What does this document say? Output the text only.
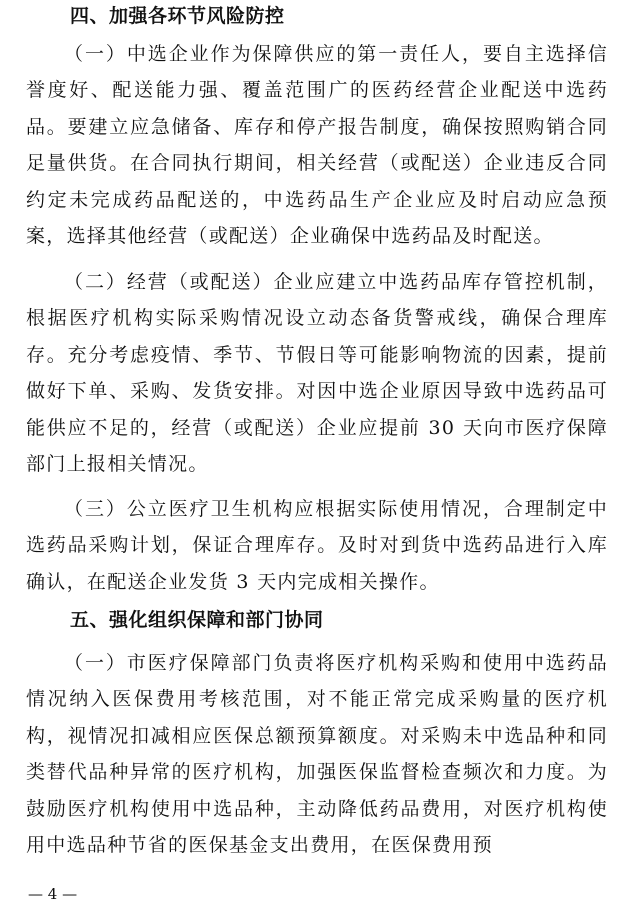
四、加强各环节风险防控
（一）中选企业作为保障供应的第一责任人，要自主选择信誉度好、配送能力强、覆盖范围广的医药经营企业配送中选药品。要建立应急储备、库存和停产报告制度，确保按照购销合同足量供货。在合同执行期间，相关经营（或配送）企业违反合同约定未完成药品配送的，中选药品生产企业应及时启动应急预案，选择其他经营（或配送）企业确保中选药品及时配送。
（二）经营（或配送）企业应建立中选药品库存管控机制，根据医疗机构实际采购情况设立动态备货警戒线，确保合理库存。充分考虑疫情、季节、节假日等可能影响物流的因素，提前做好下单、采购、发货安排。对因中选企业原因导致中选药品可能供应不足的，经营（或配送）企业应提前 30 天向市医疗保障部门上报相关情况。
（三）公立医疗卫生机构应根据实际使用情况，合理制定中选药品采购计划，保证合理库存。及时对到货中选药品进行入库确认，在配送企业发货 3 天内完成相关操作。
五、强化组织保障和部门协同
（一）市医疗保障部门负责将医疗机构采购和使用中选药品情况纳入医保费用考核范围，对不能正常完成采购量的医疗机构，视情况扣减相应医保总额预算额度。对采购未中选品种和同类替代品种异常的医疗机构，加强医保监督检查频次和力度。为鼓励医疗机构使用中选品种，主动降低药品费用，对医疗机构使用中选品种节省的医保基金支出费用，在医保费用预
— 4 —
